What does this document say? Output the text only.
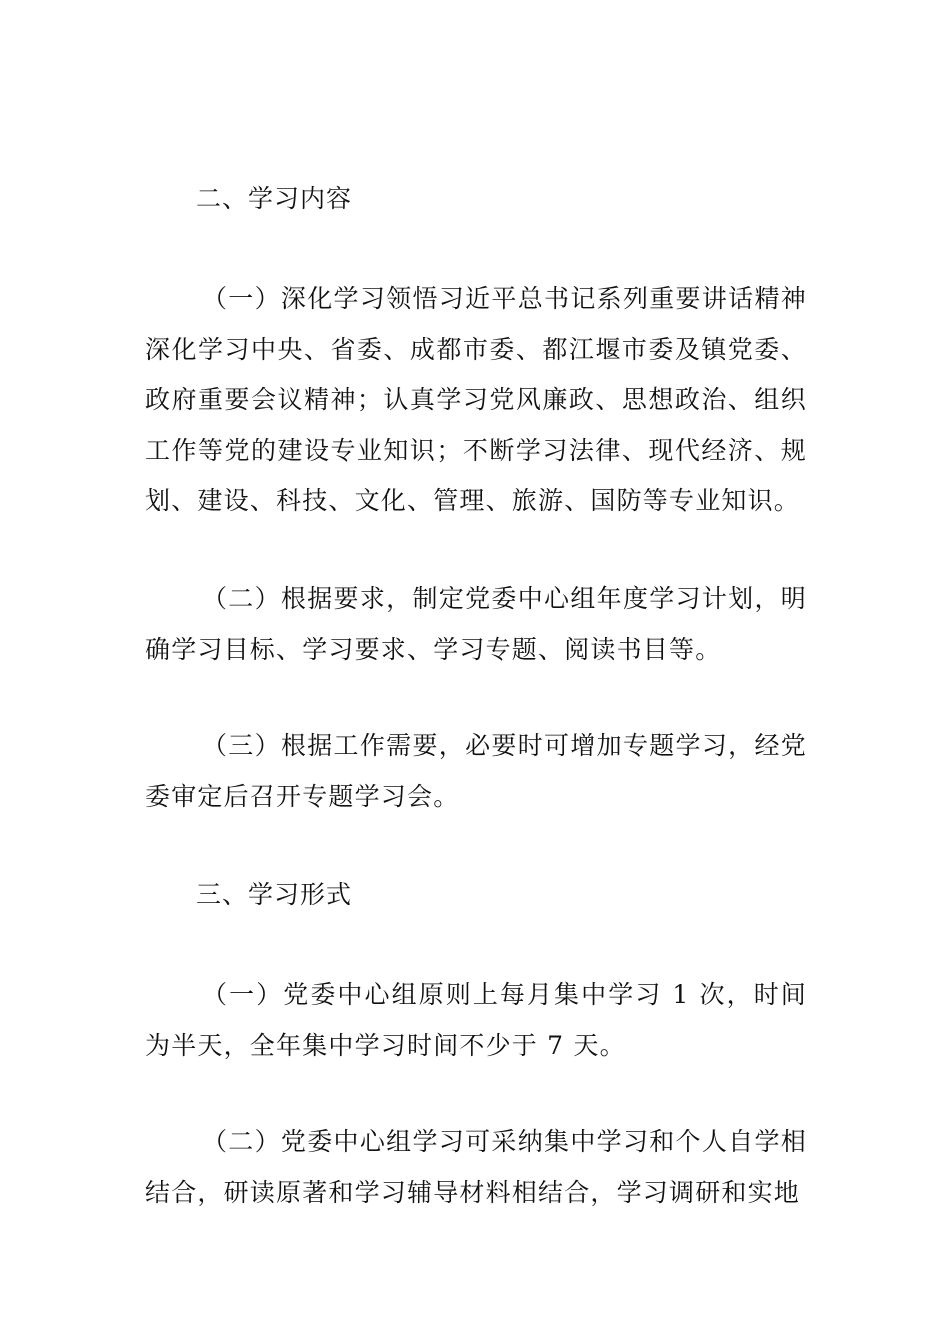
二、学习内容

（一）深化学习领悟习近平总书记系列重要讲话精神深化学习中央、省委、成都市委、都江堰市委及镇党委、政府重要会议精神；认真学习党风廉政、思想政治、组织工作等党的建设专业知识；不断学习法律、现代经济、规划、建设、科技、文化、管理、旅游、国防等专业知识。

（二）根据要求，制定党委中心组年度学习计划，明确学习目标、学习要求、学习专题、阅读书目等。

（三）根据工作需要，必要时可增加专题学习，经党委审定后召开专题学习会。

三、学习形式

（一）党委中心组原则上每月集中学习 1 次，时间为半天，全年集中学习时间不少于 7 天。

（二）党委中心组学习可采纳集中学习和个人自学相结合，研读原著和学习辅导材料相结合，学习调研和实地
